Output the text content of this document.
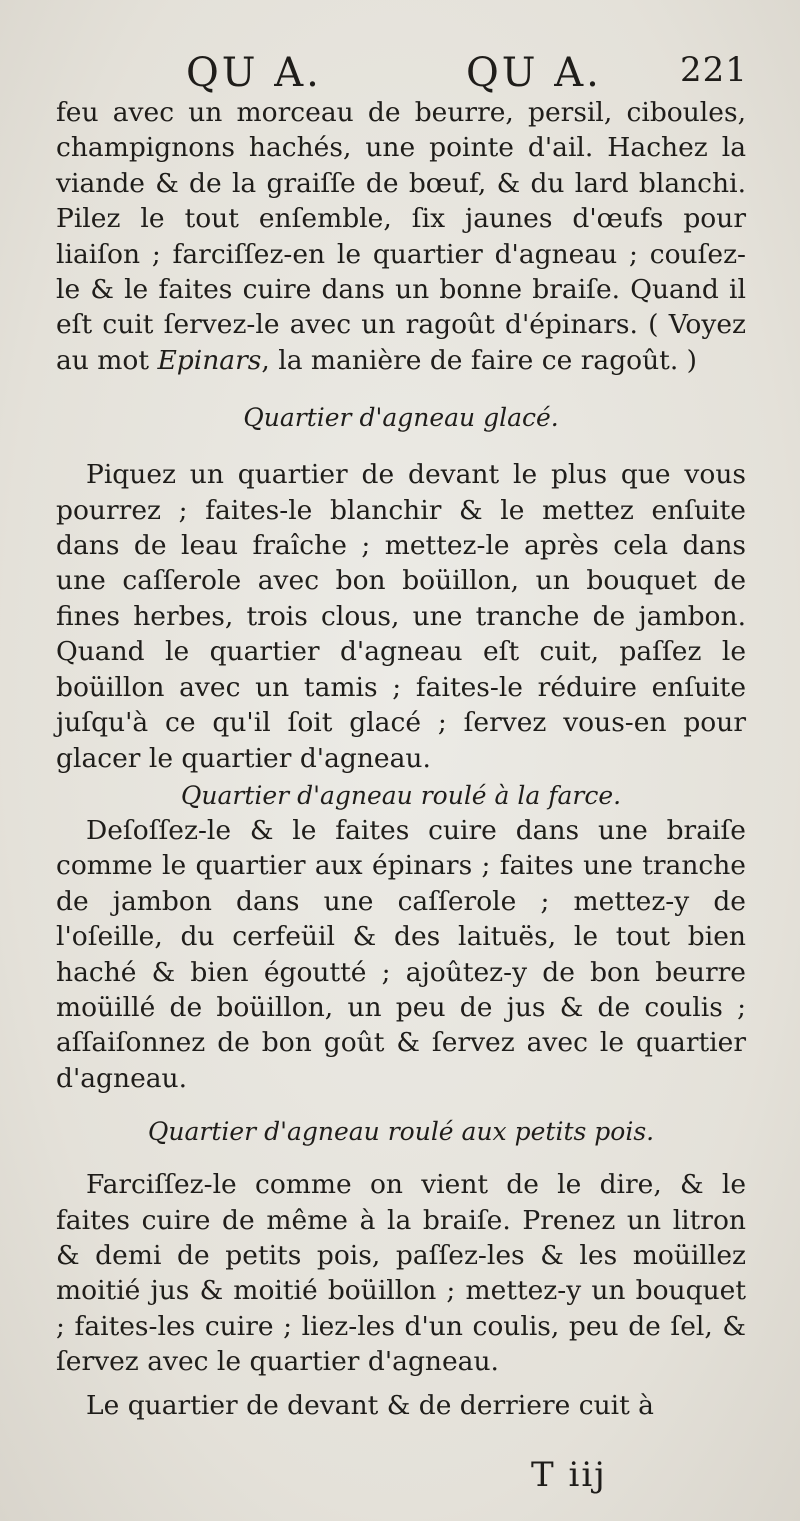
QU A.	QU A. 221

feu avec un morceau de beurre, persil, ciboules, champignons hachés, une pointe d'ail. Hachez la viande & de la graiſſe de bœuf, & du lard blanchi. Pilez le tout enſemble, ſix jaunes d'œufs pour liaiſon ; farciſſez-en le quartier d'agneau ; couſez-le & le faites cuire dans un bonne braiſe. Quand il eſt cuit ſervez-le avec un ragoût d'épinars. ( Voyez au mot Epinars, la manière de faire ce ragoût. )

Quartier d'agneau glacé.

Piquez un quartier de devant le plus que vous pourrez ; faites-le blanchir & le mettez enſuite dans de leau fraîche ; mettez-le après cela dans une caſſerole avec bon boüillon, un bouquet de fines herbes, trois clous, une tranche de jambon. Quand le quartier d'agneau eſt cuit, paſſez le boüillon avec un tamis ; faites-le réduire enſuite juſqu'à ce qu'il ſoit glacé ; ſervez vous-en pour glacer le quartier d'agneau.

Quartier d'agneau roulé à la farce.

Deſoſſez-le & le faites cuire dans une braiſe comme le quartier aux épinars ; faites une tranche de jambon dans une caſſerole ; mettez-y de l'oſeille, du cerfeüil & des laituës, le tout bien haché & bien égoutté ; ajoûtez-y de bon beurre moüillé de boüillon, un peu de jus & de coulis ; aſſaiſonnez de bon goût & ſervez avec le quartier d'agneau.

Quartier d'agneau roulé aux petits pois.

Farciſſez-le comme on vient de le dire, & le faites cuire de même à la braiſe. Prenez un litron & demi de petits pois, paſſez-les & les moüillez moitié jus & moitié boüillon ; mettez-y un bouquet ; faites-les cuire ; liez-les d'un coulis, peu de ſel, & ſervez avec le quartier d'agneau.

Le quartier de devant & de derriere cuit à

T iij
